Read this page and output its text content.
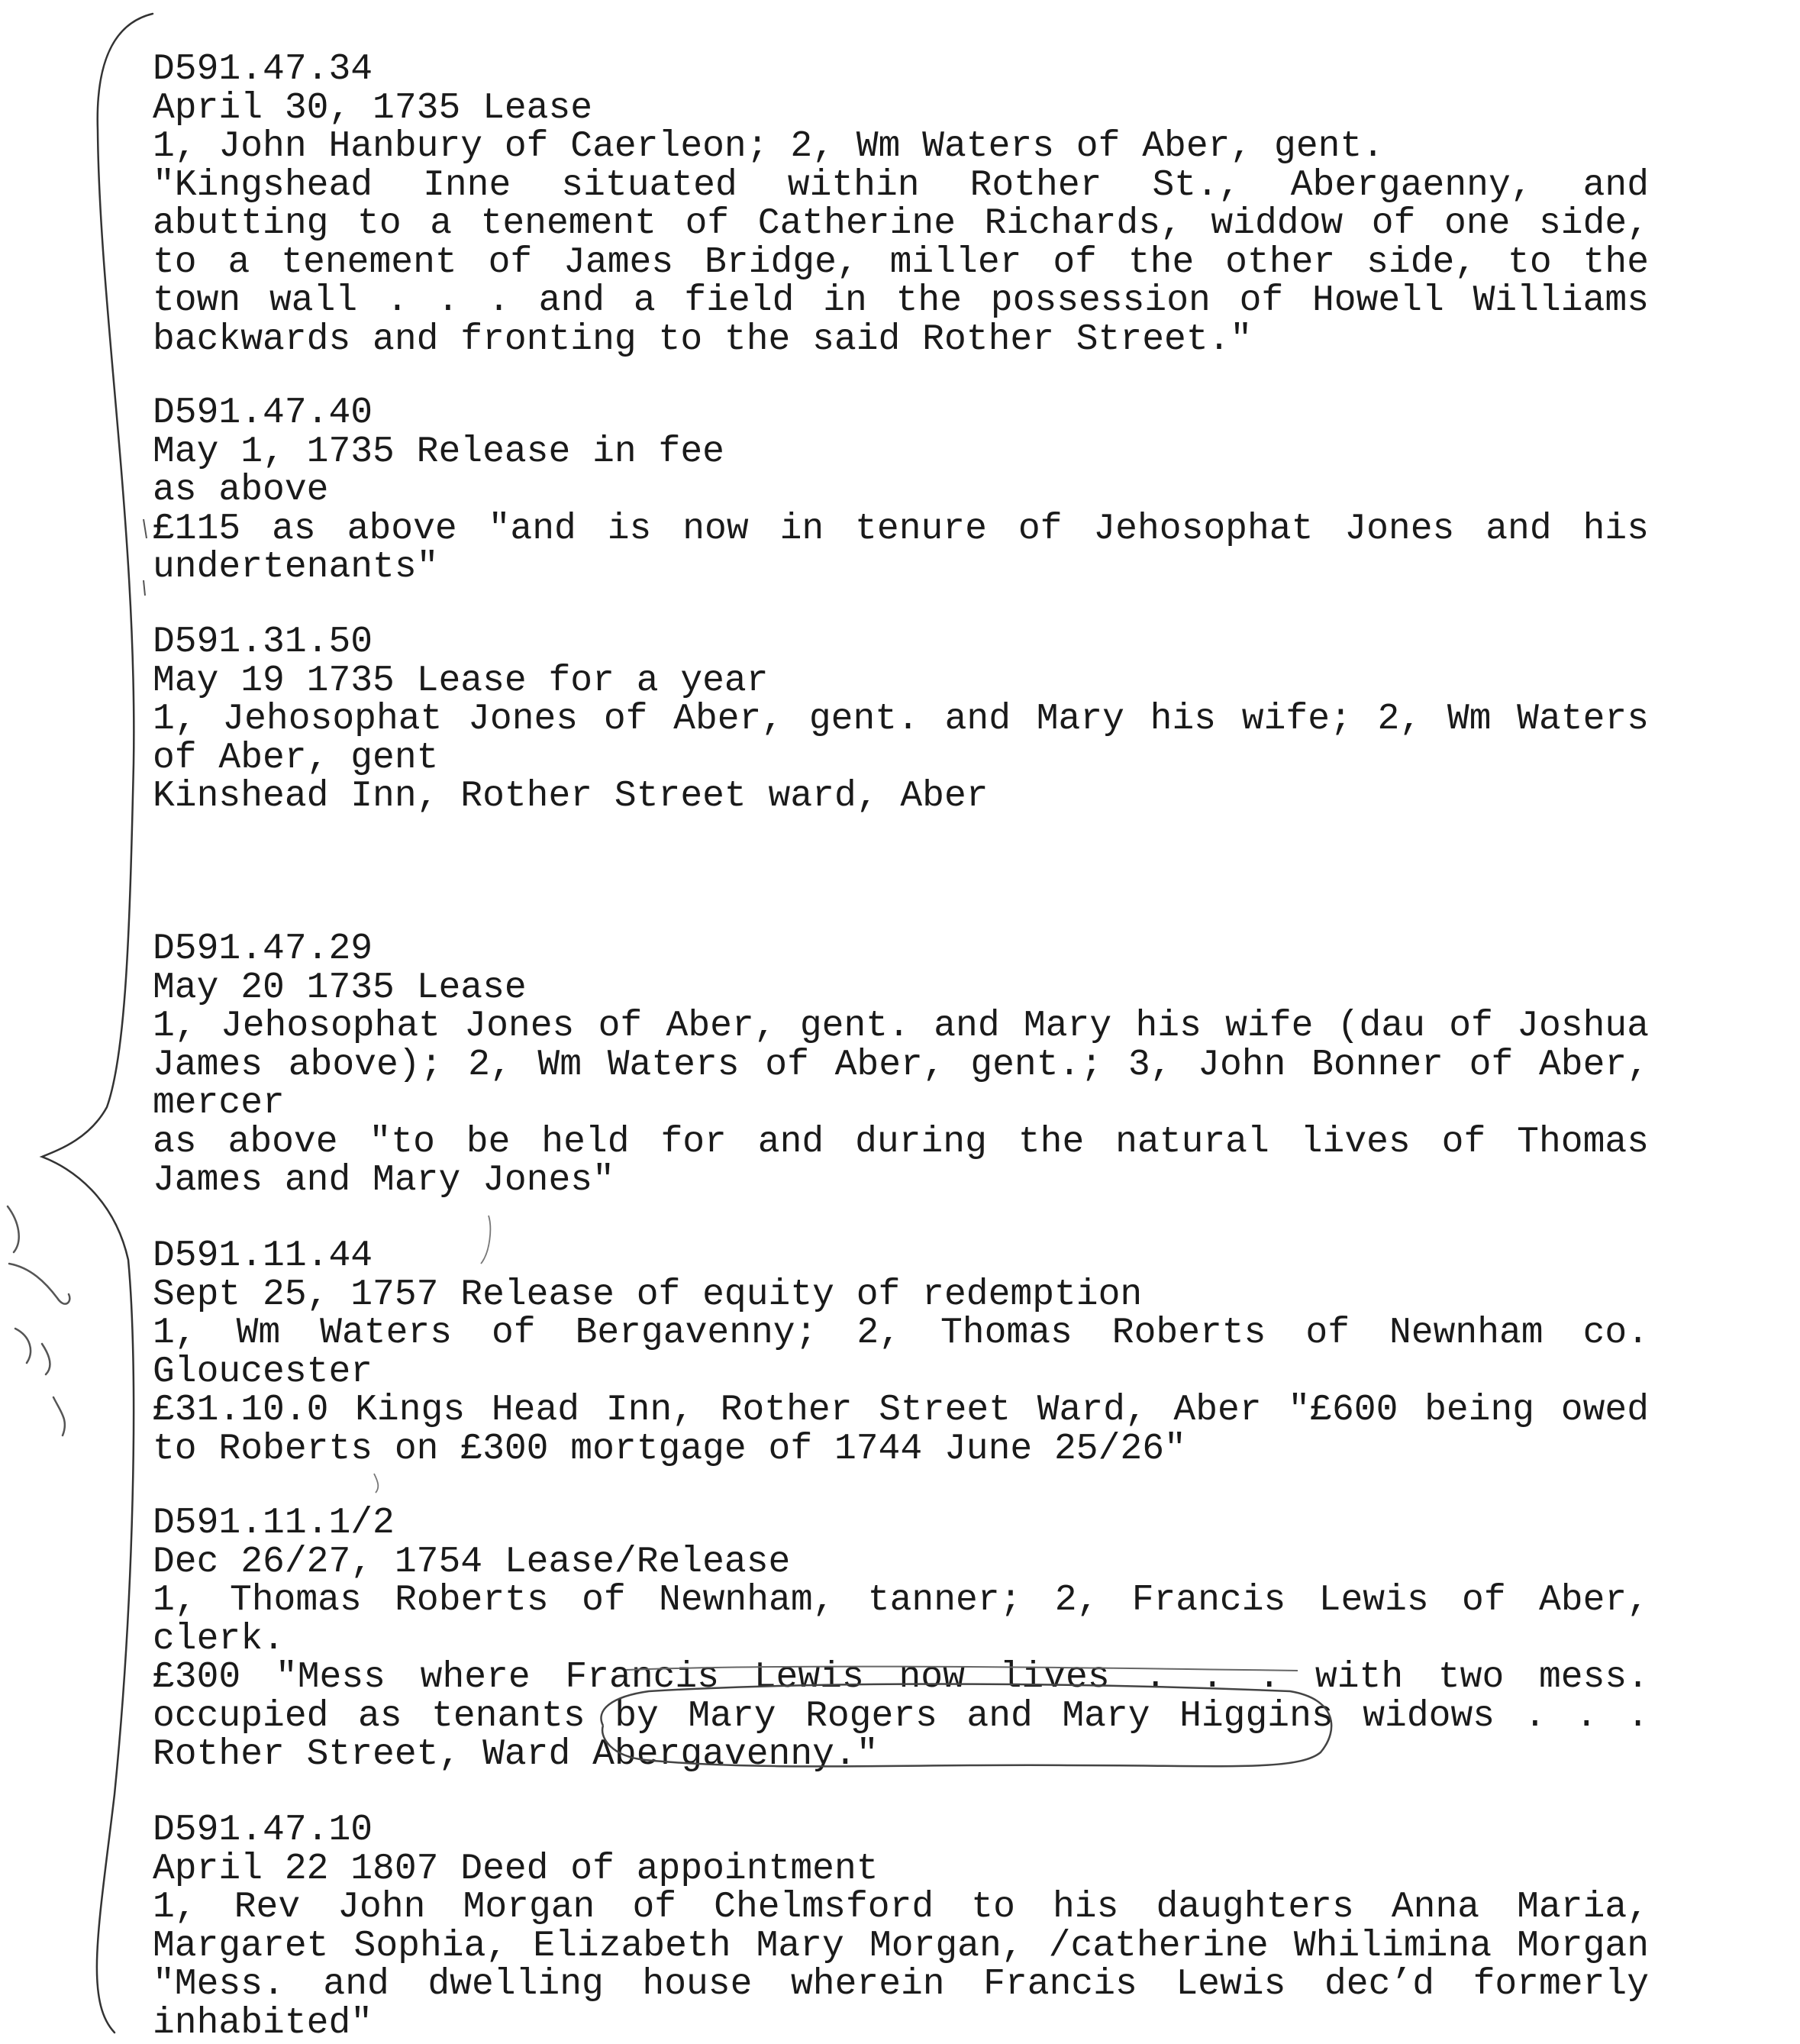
D591.47.34
April 30, 1735 Lease
1, John Hanbury of Caerleon; 2, Wm Waters of Aber, gent.
"Kingshead Inne situated within Rother St., Abergaenny, and
abutting to a tenement of Catherine Richards, widdow of one side,
to a tenement of James Bridge, miller of the other side, to the
town wall . . . and a field in the possession of Howell Williams
backwards and fronting to the said Rother Street."
D591.47.40
May 1, 1735 Release in fee
as above
£115 as above "and is now in tenure of Jehosophat Jones and his
undertenants"
D591.31.50
May 19 1735 Lease for a year
1, Jehosophat Jones of Aber, gent. and Mary his wife; 2, Wm Waters
of Aber, gent
Kinshead Inn, Rother Street ward, Aber
D591.47.29
May 20 1735 Lease
1, Jehosophat Jones of Aber, gent. and Mary his wife (dau of Joshua
James above); 2, Wm Waters of Aber, gent.; 3, John Bonner of Aber,
mercer
as above "to be held for and during the natural lives of Thomas
James and Mary Jones"
D591.11.44
Sept 25, 1757 Release of equity of redemption
1, Wm Waters of Bergavenny; 2, Thomas Roberts of Newnham co.
Gloucester
£31.10.0 Kings Head Inn, Rother Street Ward, Aber "£600 being owed
to Roberts on £300 mortgage of 1744 June 25/26"
D591.11.1/2
Dec 26/27, 1754 Lease/Release
1, Thomas Roberts of Newnham, tanner; 2, Francis Lewis of Aber,
clerk.
£300 "Mess where Francis Lewis now lives . . . with two mess.
occupied as tenants by Mary Rogers and Mary Higgins widows . . .
Rother Street, Ward Abergavenny."
D591.47.10
April 22 1807 Deed of appointment
1, Rev John Morgan of Chelmsford to his daughters Anna Maria,
Margaret Sophia, Elizabeth Mary Morgan, /catherine Whilimina Morgan
"Mess. and dwelling house wherein Francis Lewis dec’d formerly
inhabited"
